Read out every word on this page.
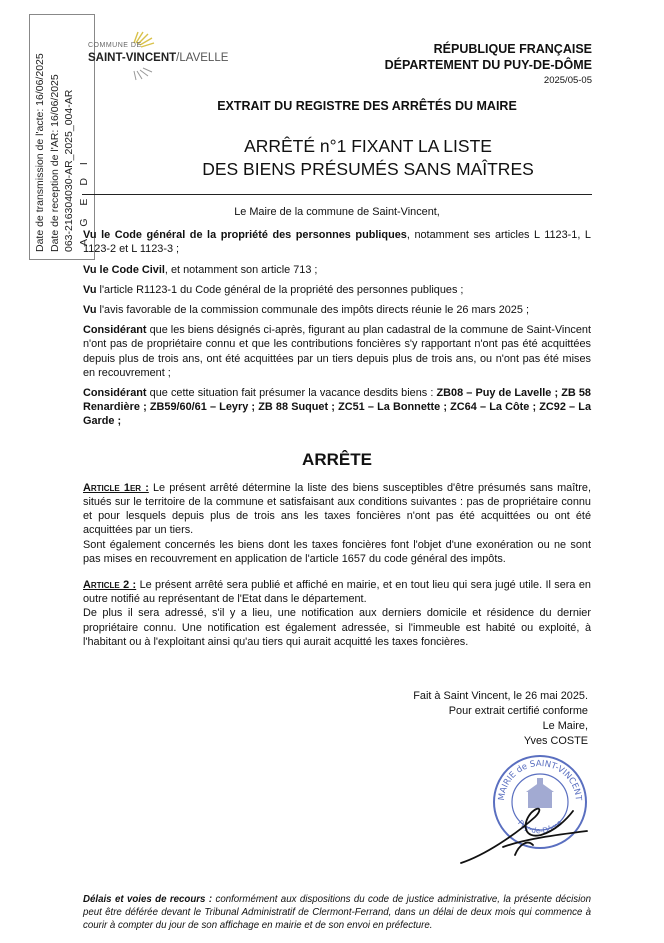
Date de transmission de l'acte: 16/06/2025 Date de reception de l'AR: 16/06/2025 063-216304030-AR_2025_004-AR A G E D I
COMMUNE DE
SAINT-VINCENT/LAVELLE
RÉPUBLIQUE FRANÇAISE
DÉPARTEMENT DU PUY-DE-DÔME
2025/05-05
EXTRAIT DU REGISTRE DES ARRÊTÉS DU MAIRE
ARRÊTÉ n°1 FIXANT LA LISTE
DES BIENS PRÉSUMÉS SANS MAÎTRES

Le Maire de la commune de Saint-Vincent,

Vu le Code général de la propriété des personnes publiques, notamment ses articles L 1123-1, L 1123-2 et L 1123-3 ;

Vu le Code Civil, et notamment son article 713 ;

Vu l'article R1123-1 du Code général de la propriété des personnes publiques ;

Vu l'avis favorable de la commission communale des impôts directs réunie le 26 mars 2025 ;

Considérant que les biens désignés ci-après, figurant au plan cadastral de la commune de Saint-Vincent n'ont pas de propriétaire connu et que les contributions foncières s'y rapportant n'ont pas été acquittées depuis plus de trois ans, ont été acquittées par un tiers depuis plus de trois ans, ou n'ont pas été mises en recouvrement ;

Considérant que cette situation fait présumer la vacance desdits biens : ZB08 – Puy de Lavelle ; ZB 58 Renardière ; ZB59/60/61 – Leyry ; ZB 88 Suquet ; ZC51 – La Bonnette ; ZC64 – La Côte ; ZC92 – La Garde ;

ARRÊTE

Article 1er : Le présent arrêté détermine la liste des biens susceptibles d'être présumés sans maître, situés sur le territoire de la commune et satisfaisant aux conditions suivantes : pas de propriétaire connu et pour lesquels depuis plus de trois ans les taxes foncières n'ont pas été acquittées ou ont été acquittées par un tiers.

Sont également concernés les biens dont les taxes foncières font l'objet d'une exonération ou ne sont pas mises en recouvrement en application de l'article 1657 du code général des impôts.

Article 2 : Le présent arrêté sera publié et affiché en mairie, et en tout lieu qui sera jugé utile. Il sera en outre notifié au représentant de l'Etat dans le département.

De plus il sera adressé, s'il y a lieu, une notification aux derniers domicile et résidence du dernier propriétaire connu. Une notification est également adressée, si l'immeuble est habité ou exploité, à l'habitant ou à l'exploitant ainsi qu'au tiers qui aurait acquitté les taxes foncières.

Fait à Saint Vincent, le 26 mai 2025.
Pour extrait certifié conforme
Le Maire,
Yves COSTE
MAIRIE de SAINT-VINCENT
Puy-de-Dôme
Délais et voies de recours : conformément aux dispositions du code de justice administrative, la présente décision peut être déférée devant le Tribunal Administratif de Clermont-Ferrand, dans un délai de deux mois qui commence à courir à compter du jour de son affichage en mairie et de son envoi en préfecture.
